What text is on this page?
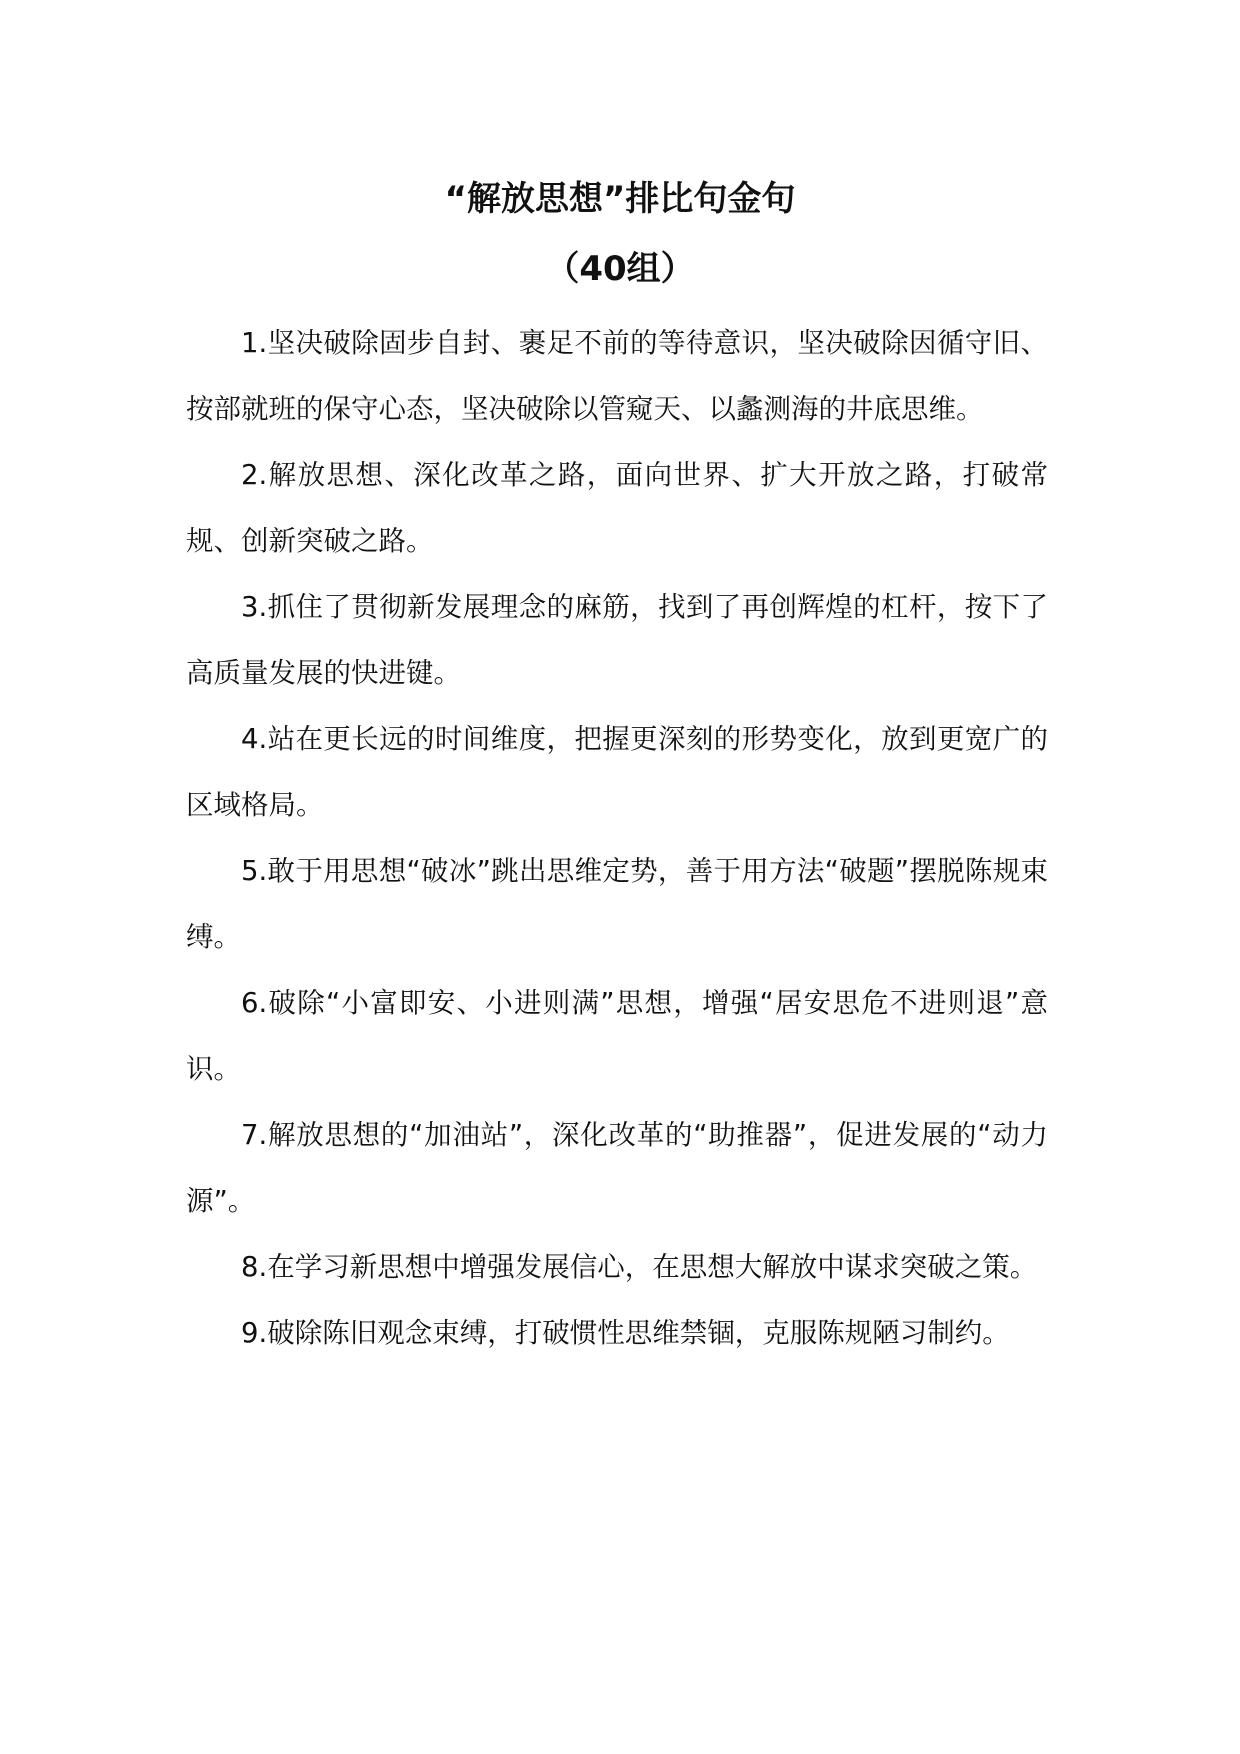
“解放思想”排比句金句
（40组）

1.坚决破除固步自封、裹足不前的等待意识，坚决破除因循守旧、按部就班的保守心态，坚决破除以管窥天、以蠡测海的井底思维。

2.解放思想、深化改革之路，面向世界、扩大开放之路，打破常规、创新突破之路。

3.抓住了贯彻新发展理念的麻筋，找到了再创辉煌的杠杆，按下了高质量发展的快进键。

4.站在更长远的时间维度，把握更深刻的形势变化，放到更宽广的区域格局。

5.敢于用思想“破冰”跳出思维定势，善于用方法“破题”摆脱陈规束缚。

6.破除“小富即安、小进则满”思想，增强“居安思危不进则退”意识。

7.解放思想的“加油站”，深化改革的“助推器”，促进发展的“动力源”。

8.在学习新思想中增强发展信心，在思想大解放中谋求突破之策。

9.破除陈旧观念束缚，打破惯性思维禁锢，克服陈规陋习制约。
